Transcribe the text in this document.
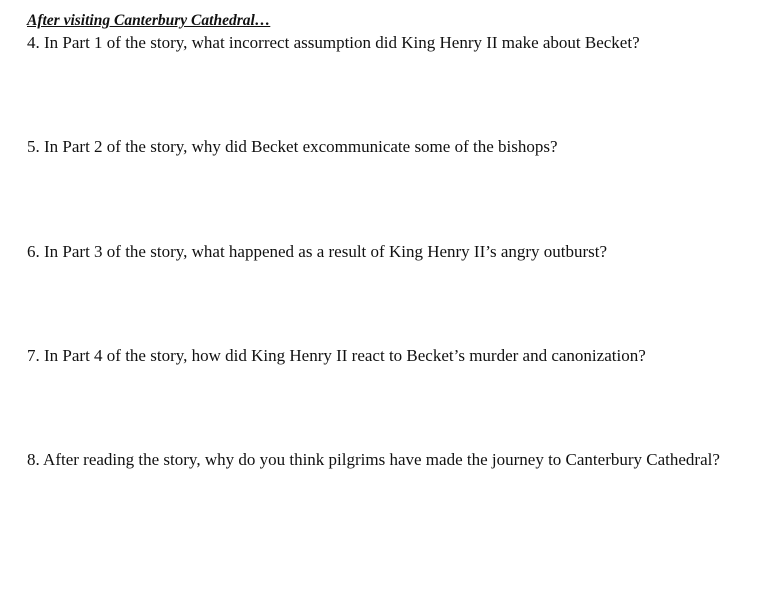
After visiting Canterbury Cathedral…
4. In Part 1 of the story, what incorrect assumption did King Henry II make about Becket?
5. In Part 2 of the story, why did Becket excommunicate some of the bishops?
6. In Part 3 of the story, what happened as a result of King Henry II’s angry outburst?
7. In Part 4 of the story, how did King Henry II react to Becket’s murder and canonization?
8. After reading the story, why do you think pilgrims have made the journey to Canterbury Cathedral?
